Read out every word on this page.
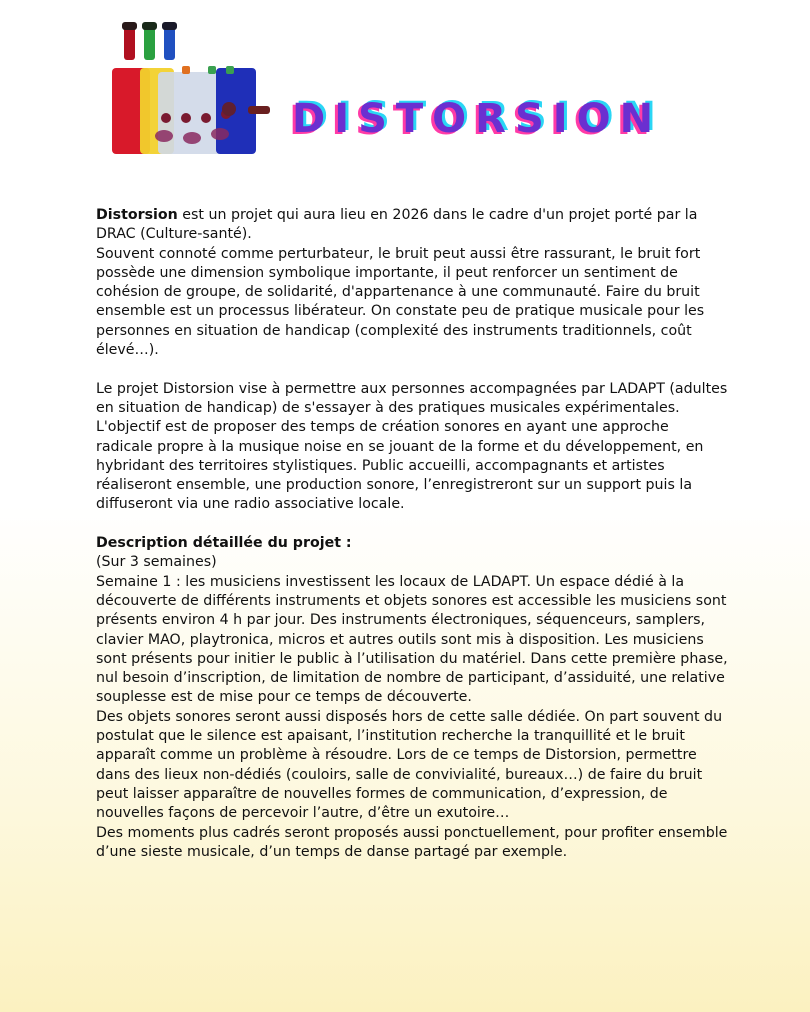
DISTORSION

Distorsion est un projet qui aura lieu en 2026 dans le cadre d'un projet porté par la DRAC (Culture-santé).

Souvent connoté comme perturbateur, le bruit peut aussi être rassurant, le bruit fort possède une dimension symbolique importante, il peut renforcer un sentiment de cohésion de groupe, de solidarité, d'appartenance à une communauté. Faire du bruit ensemble est un processus libérateur. On constate peu de pratique musicale pour les personnes en situation de handicap (complexité des instruments traditionnels, coût élevé…).

Le projet Distorsion vise à permettre aux personnes accompagnées par LADAPT (adultes en situation de handicap) de s'essayer à des pratiques musicales expérimentales. L'objectif est de proposer des temps de création sonores en ayant une approche radicale propre à la musique noise en se jouant de la forme et du développement, en hybridant des territoires stylistiques. Public accueilli, accompagnants et artistes réaliseront ensemble, une production sonore, l’enregistreront sur un support puis la diffuseront via une radio associative locale.

Description détaillée du projet :

(Sur 3 semaines)

Semaine 1 : les musiciens investissent les locaux de LADAPT. Un espace dédié à la découverte de différents instruments et objets sonores est accessible les musiciens sont présents environ 4 h par jour. Des instruments électroniques, séquenceurs, samplers, clavier MAO, playtronica, micros et autres outils sont mis à disposition. Les musiciens sont présents pour initier le public à l’utilisation du matériel. Dans cette première phase, nul besoin d’inscription, de limitation de nombre de participant, d’assiduité, une relative souplesse est de mise pour ce temps de découverte.

Des objets sonores seront aussi disposés hors de cette salle dédiée. On part souvent du postulat que le silence est apaisant, l’institution recherche la tranquillité et le bruit apparaît comme un problème à résoudre. Lors de ce temps de Distorsion, permettre dans des lieux non-dédiés (couloirs, salle de convivialité, bureaux…) de faire du bruit peut laisser apparaître de nouvelles formes de communication, d’expression, de nouvelles façons de percevoir l’autre, d’être un exutoire…

Des moments plus cadrés seront proposés aussi ponctuellement, pour profiter ensemble d’une sieste musicale, d’un temps de danse partagé par exemple.
